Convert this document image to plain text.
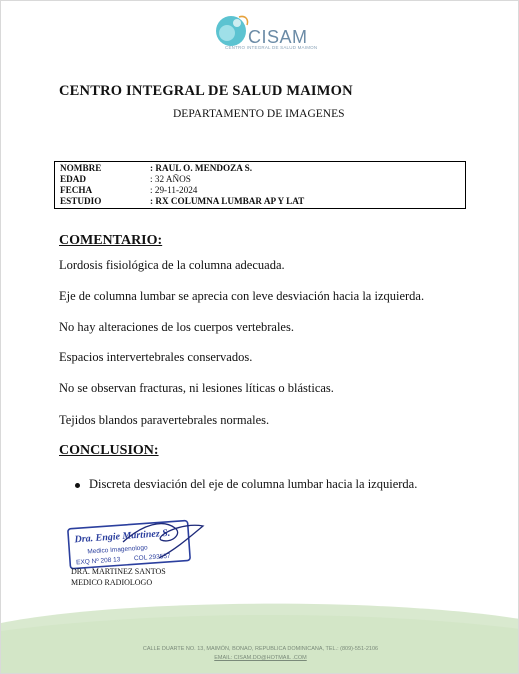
CISAM
CENTRO INTEGRAL DE SALUD MAIMON
CENTRO INTEGRAL DE SALUD MAIMON
DEPARTAMENTO DE IMAGENES
NOMBRE	: RAUL O. MENDOZA S.
EDAD	: 32 AÑOS
FECHA	: 29-11-2024
ESTUDIO	: RX COLUMNA LUMBAR AP Y LAT
COMENTARIO:
Lordosis fisiológica de la columna adecuada.
Eje de columna lumbar se aprecia con leve desviación hacia la izquierda.
No hay alteraciones de los cuerpos vertebrales.
Espacios intervertebrales conservados.
No se observan fracturas, ni lesiones líticas o blásticas.
Tejidos blandos paravertebrales normales.
CONCLUSION:
Discreta desviación del eje de columna lumbar hacia la izquierda.
Dra. Engie Martinez S.
Medico Imagenologo
EXQ Nº 208 13 COL 293557
DRA. MARTINEZ SANTOS
MEDICO RADIOLOGO
CALLE DUARTE NO. 13, MAIMÓN, BONAO, REPUBLICA DOMINICANA, TEL.: (809)-551-2106
EMAIL: CISAM.DO@HOTMAIL .COM
